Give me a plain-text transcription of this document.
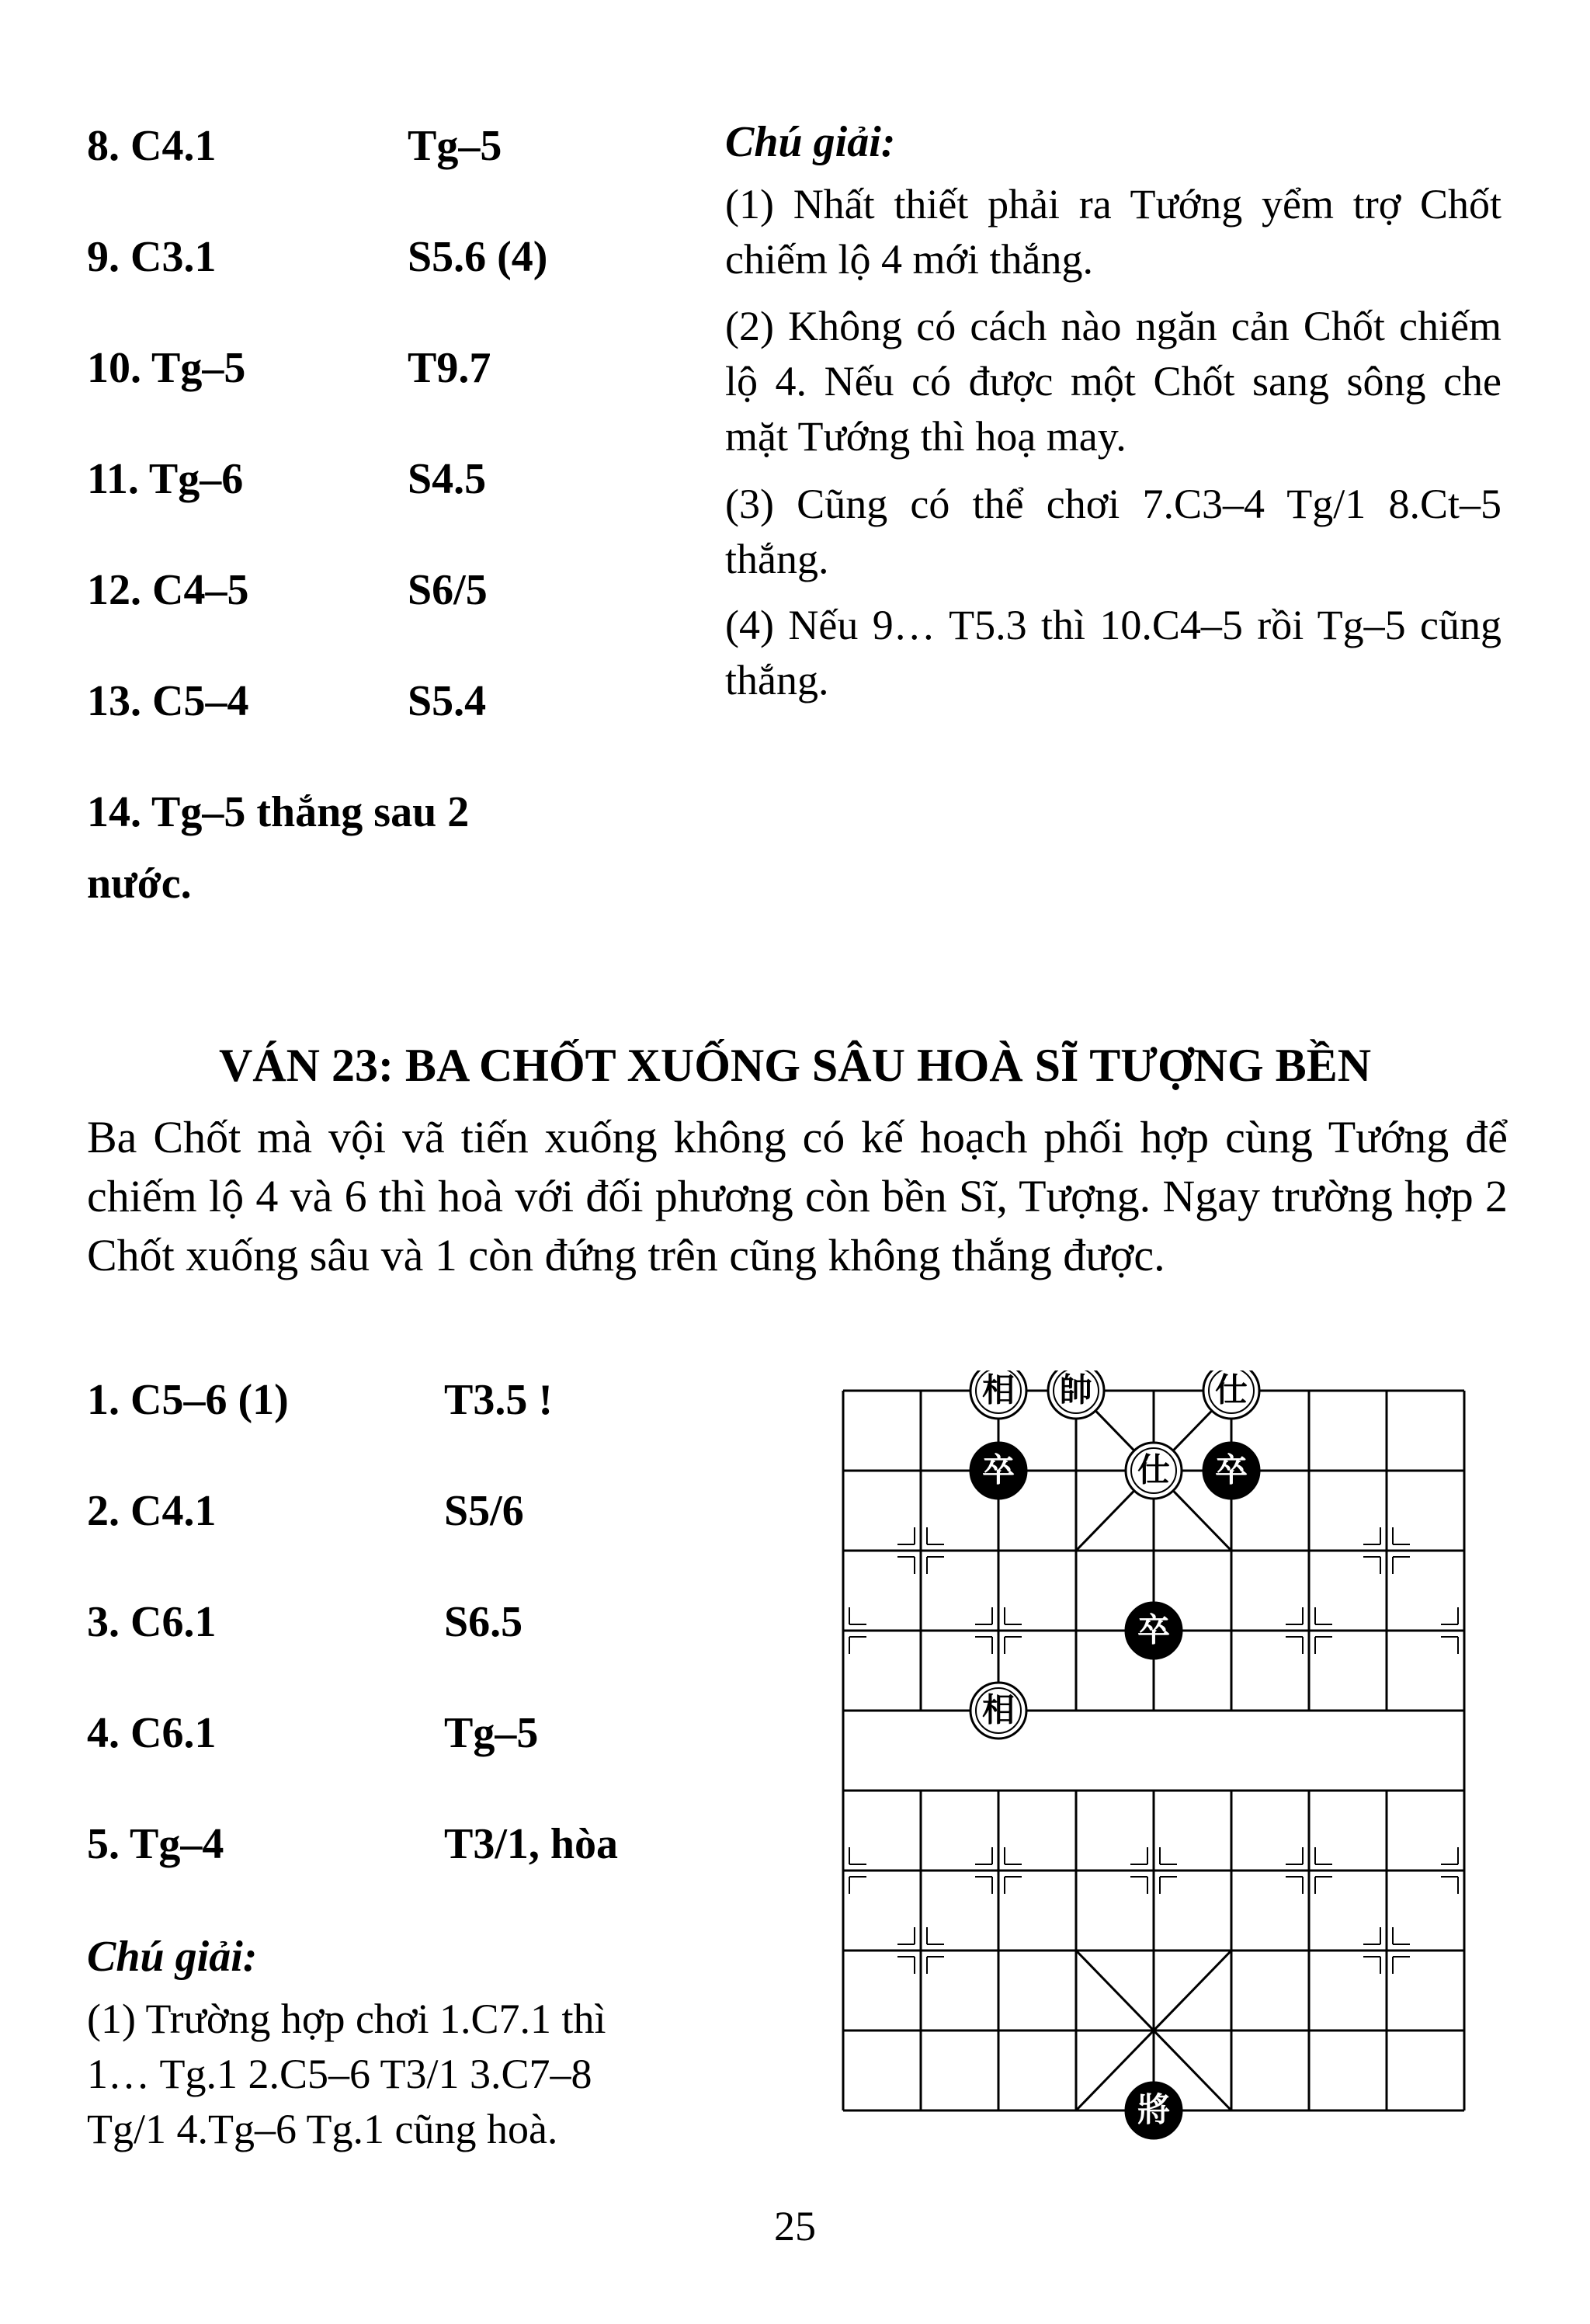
8. C4.1	Tg–5
9. C3.1	S5.6 (4)
10. Tg–5	T9.7
11. Tg–6	S4.5
12. C4–5	S6/5
13. C5–4	S5.4
14. Tg–5 thắng sau 2
nước.
Chú giải:
(1) Nhất thiết phải ra Tướng yểm trợ Chốt chiếm lộ 4 mới thắng.
(2) Không có cách nào ngăn cản Chốt chiếm lộ 4. Nếu có được một Chốt sang sông che mặt Tướng thì hoạ may.
(3) Cũng có thể chơi 7.C3–4 Tg/1 8.Ct–5 thắng.
(4) Nếu 9… T5.3 thì 10.C4–5 rồi Tg–5 cũng thắng.
VÁN 23: BA CHỐT XUỐNG SÂU HOÀ SĨ TƯỢNG BỀN
Ba Chốt mà vội vã tiến xuống không có kế hoạch phối hợp cùng Tướng để chiếm lộ 4 và 6 thì hoà với đối phương còn bền Sĩ, Tượng. Ngay trường hợp 2 Chốt xuống sâu và 1 còn đứng trên cũng không thắng được.
1. C5–6 (1)	T3.5 !
2. C4.1	S5/6
3. C6.1	S6.5
4. C6.1	Tg–5
5. Tg–4	T3/1, hòa
Chú giải:
(1) Trường hợp chơi 1.C7.1 thì
1… Tg.1 2.C5–6 T3/1 3.C7–8
Tg/1 4.Tg–6 Tg.1 cũng hoà.
相 帥	仕
卒	仕 卒
卒
相
將
25
